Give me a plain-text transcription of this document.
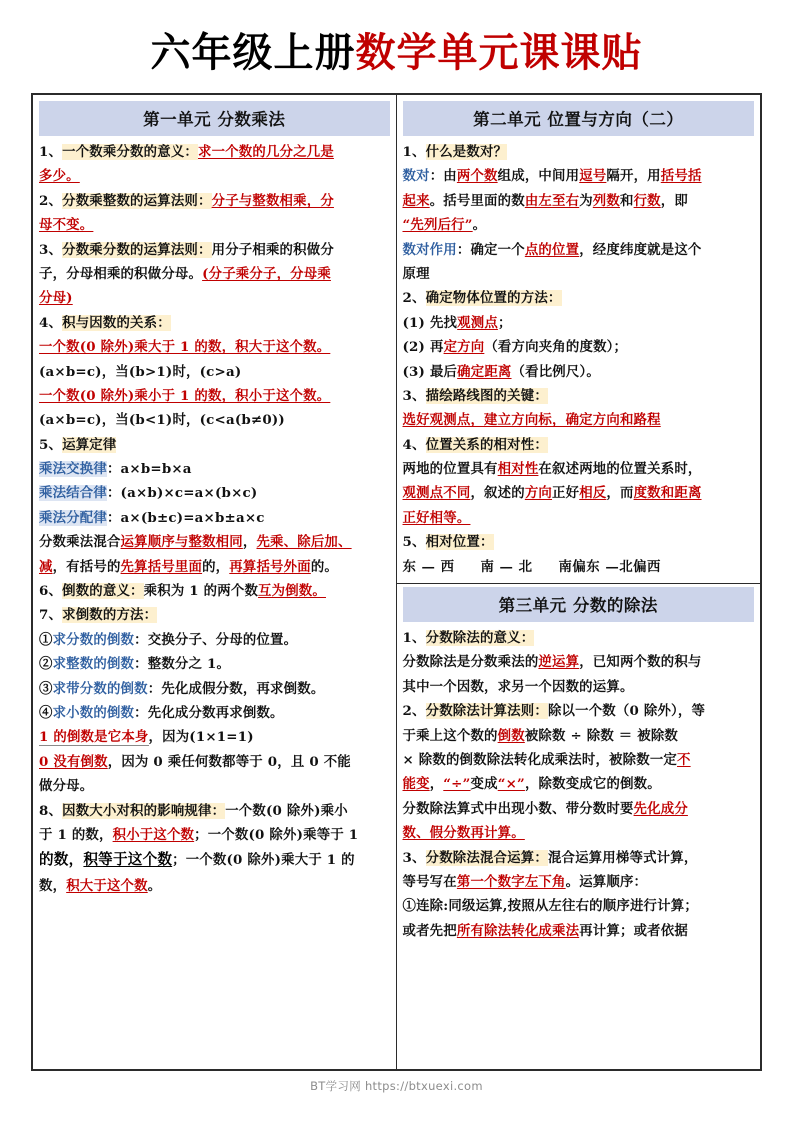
六年级上册数学单元课课贴
第一单元 分数乘法

1、一个数乘分数的意义：求一个数的几分之几是

多少。

2、分数乘整数的运算法则：分子与整数相乘，分

母不变。

3、分数乘分数的运算法则：用分子相乘的积做分

子，分母相乘的积做分母。(分子乘分子，分母乘

分母)

4、积与因数的关系：

一个数(0 除外)乘大于 1 的数，积大于这个数。

(a×b=c)，当(b>1)时，(c>a)

一个数(0 除外)乘小于 1 的数，积小于这个数。

(a×b=c)，当(b<1)时，(c<a(b≠0))

5、运算定律

乘法交换律：a×b=b×a

乘法结合律：(a×b)×c=a×(b×c)

乘法分配律：a×(b±c)=a×b±a×c

分数乘法混合运算顺序与整数相同，先乘、除后加、

减，有括号的先算括号里面的，再算括号外面的。

6、倒数的意义：乘积为 1 的两个数互为倒数。

7、求倒数的方法：

①求分数的倒数：交换分子、分母的位置。

②求整数的倒数：整数分之 1。

③求带分数的倒数：先化成假分数，再求倒数。

④求小数的倒数：先化成分数再求倒数。

1 的倒数是它本身，因为(1×1=1)

0 没有倒数，因为 0 乘任何数都等于 0，且 0 不能

做分母。

8、因数大小对积的影响规律：一个数(0 除外)乘小

于 1 的数，积小于这个数；一个数(0 除外)乘等于 1

的数，积等于这个数；一个数(0 除外)乘大于 1 的

数，积大于这个数。

第二单元 位置与方向（二）

1、什么是数对？

数对：由两个数组成，中间用逗号隔开，用括号括

起来。括号里面的数由左至右为列数和行数，即

“先列后行”。

数对作用：确定一个点的位置，经度纬度就是这个

原理

2、确定物体位置的方法：

(1) 先找观测点；

(2) 再定方向（看方向夹角的度数）；

(3) 最后确定距离（看比例尺）。

3、描绘路线图的关键：

选好观测点，建立方向标，确定方向和路程

4、位置关系的相对性：

两地的位置具有相对性在叙述两地的位置关系时，

观测点不同，叙述的方向正好相反，而度数和距离

正好相等。

5、相对位置：

东 — 西 南 — 北 南偏东 —北偏西

第三单元 分数的除法

1、分数除法的意义：

分数除法是分数乘法的逆运算，已知两个数的积与

其中一个因数，求另一个因数的运算。

2、分数除法计算法则：除以一个数（0 除外），等

于乘上这个数的倒数被除数 ÷ 除数 ＝ 被除数

× 除数的倒数除法转化成乘法时，被除数一定不

能变，“÷”变成“×”，除数变成它的倒数。

分数除法算式中出现小数、带分数时要先化成分

数、假分数再计算。

3、分数除法混合运算：混合运算用梯等式计算，

等号写在第一个数字左下角。运算顺序：

①连除:同级运算,按照从左往右的顺序进行计算；

或者先把所有除法转化成乘法再计算；或者依据

BT学习网 https://btxuexi.com
